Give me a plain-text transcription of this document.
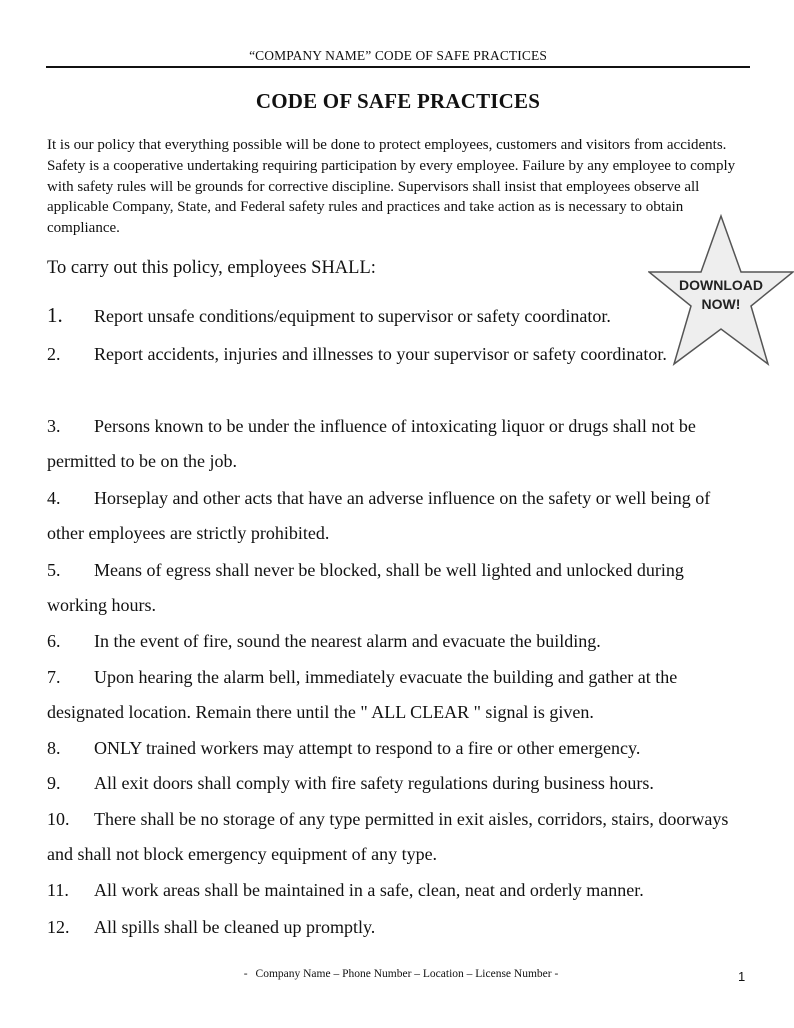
“COMPANY NAME” CODE OF SAFE PRACTICES
CODE OF SAFE PRACTICES
It is our policy that everything possible will be done to protect employees, customers and visitors from accidents. Safety is a cooperative undertaking requiring participation by every employee. Failure by any employee to comply with safety rules will be grounds for corrective discipline. Supervisors shall insist that employees observe all applicable Company, State, and Federal safety rules and practices and take action as is necessary to obtain compliance.
To carry out this policy, employees SHALL:
1. Report unsafe conditions/equipment to supervisor or safety coordinator.
2. Report accidents, injuries and illnesses to your supervisor or safety coordinator.
3. Persons known to be under the influence of intoxicating liquor or drugs shall not be permitted to be on the job.
4. Horseplay and other acts that have an adverse influence on the safety or well being of other employees are strictly prohibited.
5. Means of egress shall never be blocked, shall be well lighted and unlocked during working hours.
6. In the event of fire, sound the nearest alarm and evacuate the building.
7. Upon hearing the alarm bell, immediately evacuate the building and gather at the designated location. Remain there until the " ALL CLEAR " signal is given.
8. ONLY trained workers may attempt to respond to a fire or other emergency.
9. All exit doors shall comply with fire safety regulations during business hours.
10. There shall be no storage of any type permitted in exit aisles, corridors, stairs, doorways and shall not block emergency equipment of any type.
11. All work areas shall be maintained in a safe, clean, neat and orderly manner.
12. All spills shall be cleaned up promptly.
DOWNLOAD
NOW!
- Company Name – Phone Number – Location – License Number -	1
